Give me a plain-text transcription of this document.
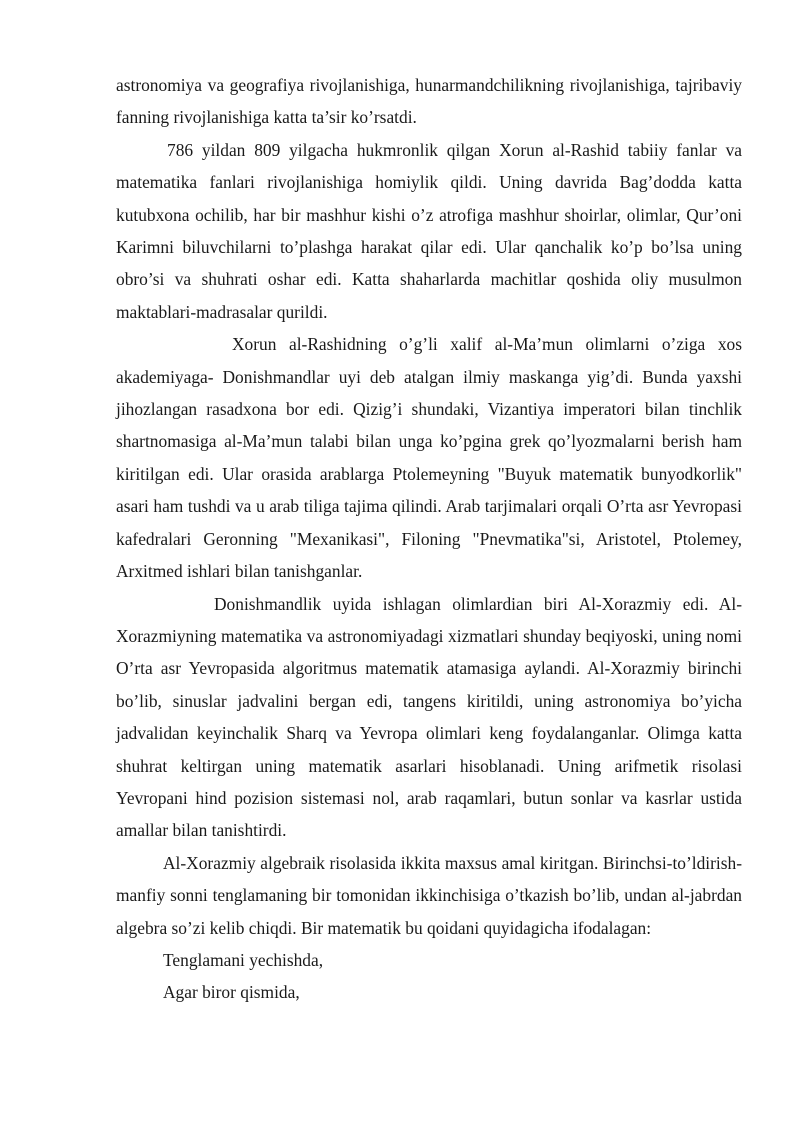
astronomiya va geografiya rivojlanishiga, hunarmandchilikning rivojlanishiga, tajribaviy fanning rivojlanishiga katta ta’sir ko’rsatdi.

786 yildan 809 yilgacha hukmronlik qilgan Xorun al-Rashid tabiiy fanlar va matematika fanlari rivojlanishiga homiylik qildi. Uning davrida Bag’dodda katta kutubxona ochilib, har bir mashhur kishi o’z atrofiga mashhur shoirlar, olimlar, Qur’oni Karimni biluvchilarni to’plashga harakat qilar edi. Ular qanchalik ko’p bo’lsa uning obro’si va shuhrati oshar edi. Katta shaharlarda machitlar qoshida oliy musulmon maktablari-madrasalar qurildi.

Xorun al-Rashidning o’g’li xalif al-Ma’mun olimlarni o’ziga xos akademiyaga- Donishmandlar uyi deb atalgan ilmiy maskanga yig’di. Bunda yaxshi jihozlangan rasadxona bor edi. Qizig’i shundaki, Vizantiya imperatori bilan tinchlik shartnomasiga al-Ma’mun talabi bilan unga ko’pgina grek qo’lyozmalarni berish ham kiritilgan edi. Ular orasida arablarga Ptolemeyning "Buyuk matematik bunyodkorlik" asari ham tushdi va u arab tiliga tajima qilindi. Arab tarjimalari orqali O’rta asr Yevropasi kafedralari Geronning "Mexanikasi", Filoning "Pnevmatika"si, Aristotel, Ptolemey, Arxitmed ishlari bilan tanishganlar.

Donishmandlik uyida ishlagan olimlardian biri Al-Xorazmiy edi. Al-Xorazmiyning matematika va astronomiyadagi xizmatlari shunday beqiyoski, uning nomi O’rta asr Yevropasida algoritmus matematik atamasiga aylandi. Al-Xorazmiy birinchi bo’lib, sinuslar jadvalini bergan edi, tangens kiritildi, uning astronomiya bo’yicha jadvalidan keyinchalik Sharq va Yevropa olimlari keng foydalanganlar. Olimga katta shuhrat keltirgan uning matematik asarlari hisoblanadi. Uning arifmetik risolasi Yevropani hind pozision sistemasi nol, arab raqamlari, butun sonlar va kasrlar ustida amallar bilan tanishtirdi.

Al-Xorazmiy algebraik risolasida ikkita maxsus amal kiritgan. Birinchsi-to’ldirish-manfiy sonni tenglamaning bir tomonidan ikkinchisiga o’tkazish bo’lib, undan al-jabrdan algebra so’zi kelib chiqdi. Bir matematik bu qoidani quyidagicha ifodalagan:

Tenglamani yechishda,

Agar biror qismida,
